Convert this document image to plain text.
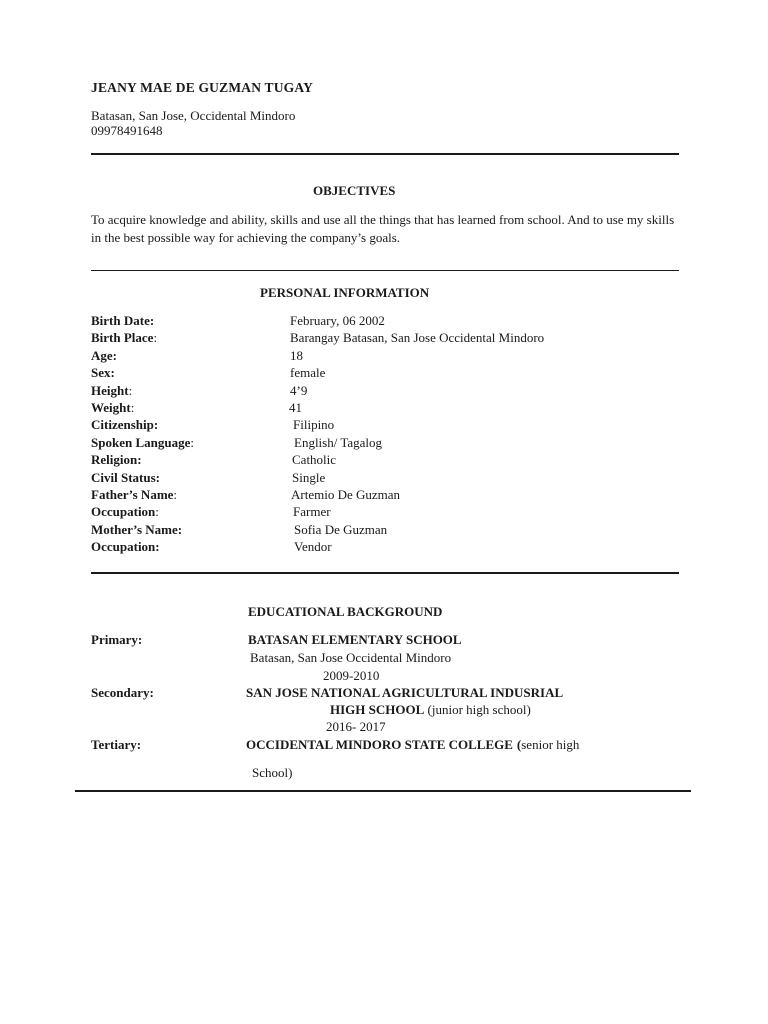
JEANY MAE DE GUZMAN TUGAY
Batasan, San Jose, Occidental Mindoro
09978491648
OBJECTIVES
To acquire knowledge and ability, skills and use all the things that has learned from school. And to use my skills in the best possible way for achieving the company’s goals.
PERSONAL INFORMATION
Birth Date:	February, 06 2002
Birth Place:	Barangay Batasan, San Jose Occidental Mindoro
Age:	18
Sex:	female
Height:	4’9
Weight:	41
Citizenship:	Filipino
Spoken Language:	English/ Tagalog
Religion:	Catholic
Civil Status:	Single
Father’s Name:	Artemio De Guzman
Occupation:	Farmer
Mother’s Name:	Sofia De Guzman
Occupation:	Vendor
EDUCATIONAL BACKGROUND
Primary:	BATASAN ELEMENTARY SCHOOL
Batasan, San Jose Occidental Mindoro
2009-2010
Secondary:	SAN JOSE NATIONAL AGRICULTURAL INDUSRIAL
HIGH SCHOOL (junior high school)
2016- 2017
Tertiary:	OCCIDENTAL MINDORO STATE COLLEGE (senior high
School)
